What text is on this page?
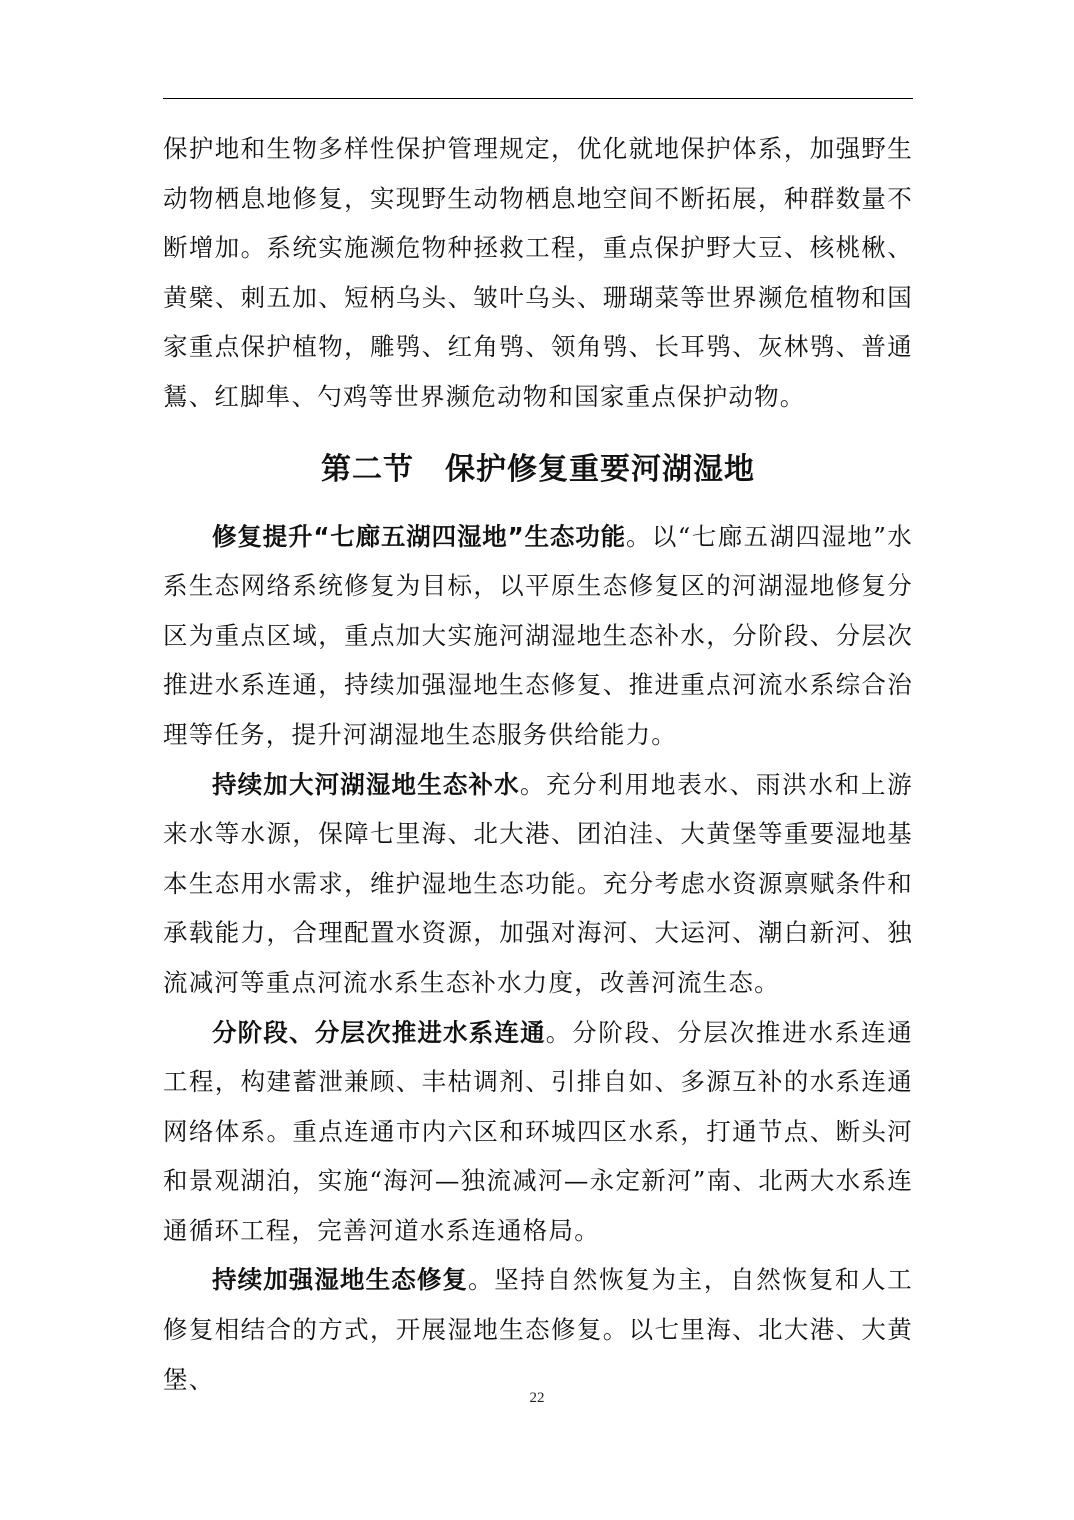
保护地和生物多样性保护管理规定，优化就地保护体系，加强野生动物栖息地修复，实现野生动物栖息地空间不断拓展，种群数量不断增加。系统实施濒危物种拯救工程，重点保护野大豆、核桃楸、黄檗、刺五加、短柄乌头、皱叶乌头、珊瑚菜等世界濒危植物和国家重点保护植物，雕鸮、红角鸮、领角鸮、长耳鸮、灰林鸮、普通鵟、红脚隼、勺鸡等世界濒危动物和国家重点保护动物。

第二节　保护修复重要河湖湿地

修复提升“七廊五湖四湿地”生态功能。以“七廊五湖四湿地”水系生态网络系统修复为目标，以平原生态修复区的河湖湿地修复分区为重点区域，重点加大实施河湖湿地生态补水，分阶段、分层次推进水系连通，持续加强湿地生态修复、推进重点河流水系综合治理等任务，提升河湖湿地生态服务供给能力。

持续加大河湖湿地生态补水。充分利用地表水、雨洪水和上游来水等水源，保障七里海、北大港、团泊洼、大黄堡等重要湿地基本生态用水需求，维护湿地生态功能。充分考虑水资源禀赋条件和承载能力，合理配置水资源，加强对海河、大运河、潮白新河、独流减河等重点河流水系生态补水力度，改善河流生态。

分阶段、分层次推进水系连通。分阶段、分层次推进水系连通工程，构建蓄泄兼顾、丰枯调剂、引排自如、多源互补的水系连通网络体系。重点连通市内六区和环城四区水系，打通节点、断头河和景观湖泊，实施“海河—独流减河—永定新河”南、北两大水系连通循环工程，完善河道水系连通格局。

持续加强湿地生态修复。坚持自然恢复为主，自然恢复和人工修复相结合的方式，开展湿地生态修复。以七里海、北大港、大黄堡、

22
